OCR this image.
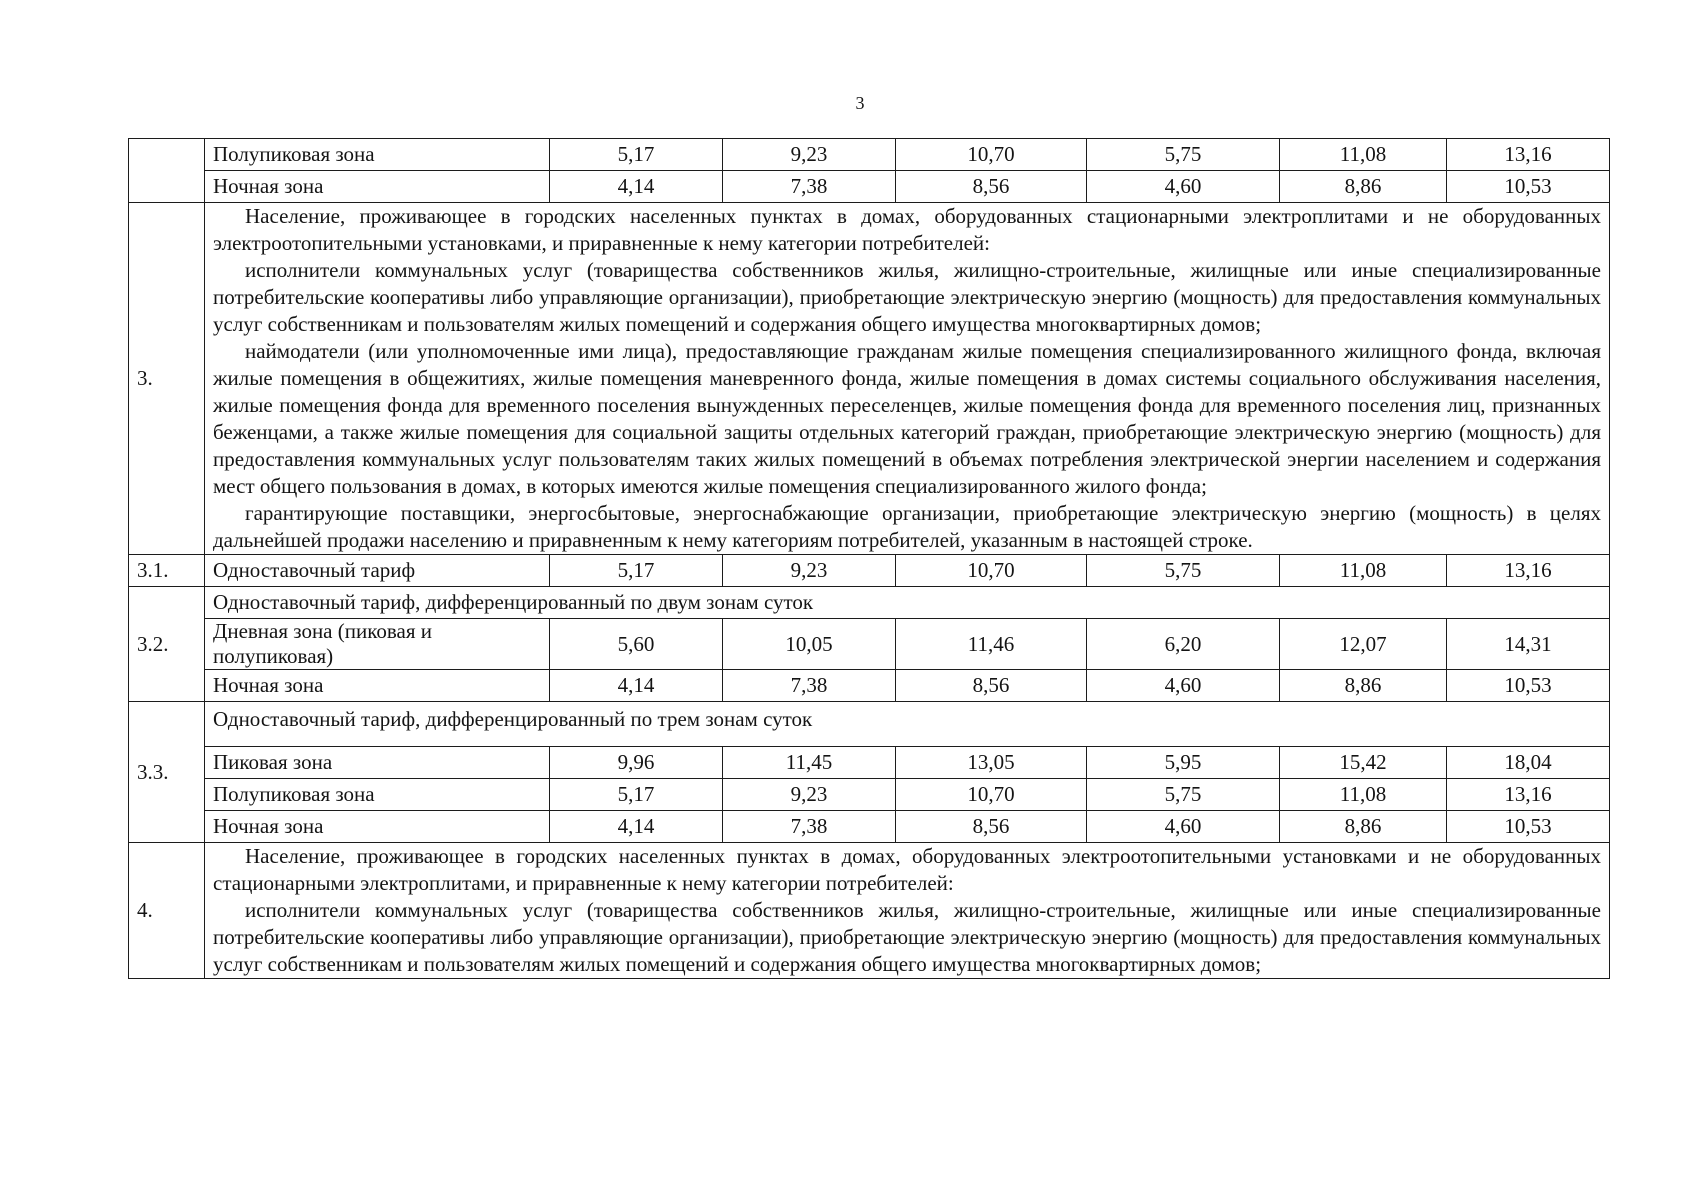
3
	Полупиковая зона	5,17	9,23	10,70	5,75	11,08	13,16
	Ночная зона	4,14	7,38	8,56	4,60	8,86	10,53
3.	Население, проживающее в городских населенных пунктах в домах, оборудованных стационарными электроплитами и не оборудованных электроотопительными установками, и приравненные к нему категории потребителей:

исполнители коммунальных услуг (товарищества собственников жилья, жилищно-строительные, жилищные или иные специализированные потребительские кооперативы либо управляющие организации), приобретающие электрическую энергию (мощность) для предоставления коммунальных услуг собственникам и пользователям жилых помещений и содержания общего имущества многоквартирных домов;

наймодатели (или уполномоченные ими лица), предоставляющие гражданам жилые помещения специализированного жилищного фонда, включая жилые помещения в общежитиях, жилые помещения маневренного фонда, жилые помещения в домах системы социального обслуживания населения, жилые помещения фонда для временного поселения вынужденных переселенцев, жилые помещения фонда для временного поселения лиц, признанных беженцами, а также жилые помещения для социальной защиты отдельных категорий граждан, приобретающие электрическую энергию (мощность) для предоставления коммунальных услуг пользователям таких жилых помещений в объемах потребления электрической энергии населением и содержания мест общего пользования в домах, в которых имеются жилые помещения специализированного жилого фонда;

гарантирующие поставщики, энергосбытовые, энергоснабжающие организации, приобретающие электрическую энергию (мощность) в целях дальнейшей продажи населению и приравненным к нему категориям потребителей, указанным в настоящей строке.						

3.1.	Одноставочный тариф	5,17	9,23	10,70	5,75	11,08	13,16
3.2.	Одноставочный тариф, дифференцированный по двум зонам суток						
	Дневная зона (пиковая и полупиковая)	5,60	10,05	11,46	6,20	12,07	14,31
	Ночная зона	4,14	7,38	8,56	4,60	8,86	10,53
3.3.	Одноставочный тариф, дифференцированный по трем зонам суток						
	Пиковая зона	9,96	11,45	13,05	5,95	15,42	18,04
	Полупиковая зона	5,17	9,23	10,70	5,75	11,08	13,16
	Ночная зона	4,14	7,38	8,56	4,60	8,86	10,53
4.	Население, проживающее в городских населенных пунктах в домах, оборудованных электроотопительными установками и не оборудованных стационарными электроплитами, и приравненные к нему категории потребителей:

исполнители коммунальных услуг (товарищества собственников жилья, жилищно-строительные, жилищные или иные специализированные потребительские кооперативы либо управляющие организации), приобретающие электрическую энергию (мощность) для предоставления коммунальных услуг собственникам и пользователям жилых помещений и содержания общего имущества многоквартирных домов;						
